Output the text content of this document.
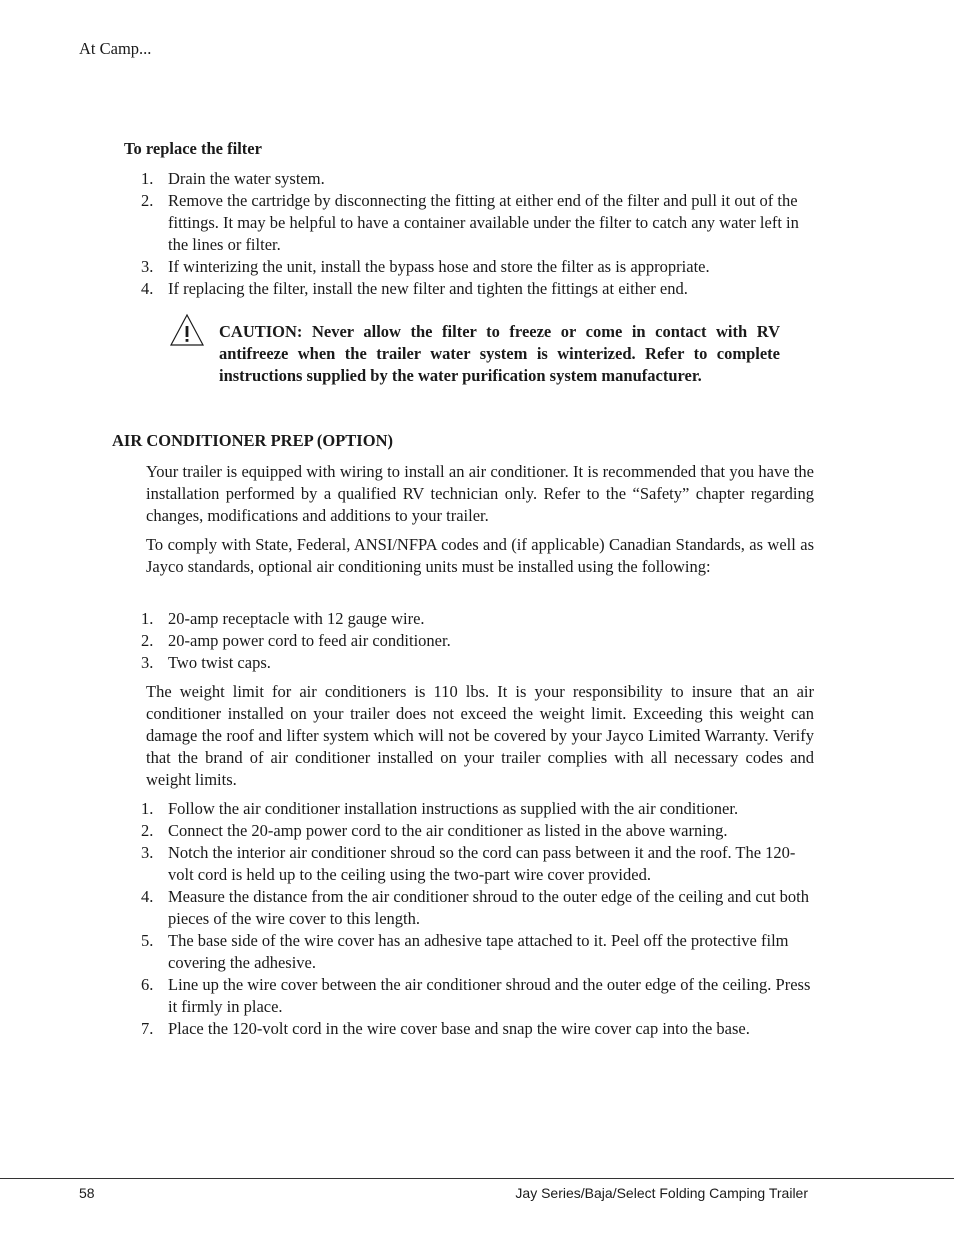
At Camp...
To replace the filter
1. Drain the water system.
2. Remove the cartridge by disconnecting the fitting at either end of the filter and pull it out of the fittings. It may be helpful to have a container available under the filter to catch any water left in the lines or filter.
3. If winterizing the unit, install the bypass hose and store the filter as is appropriate.
4. If replacing the filter, install the new filter and tighten the fittings at either end.
CAUTION: Never allow the filter to freeze or come in contact with RV antifreeze when the trailer water system is winterized. Refer to complete instructions supplied by the water purification system manufacturer.
AIR CONDITIONER PREP (OPTION)
Your trailer is equipped with wiring to install an air conditioner. It is recommended that you have the installation performed by a qualified RV technician only. Refer to the “Safety” chapter regarding changes, modifications and additions to your trailer.
To comply with State, Federal, ANSI/NFPA codes and (if applicable) Canadian Standards, as well as Jayco standards, optional air conditioning units must be installed using the following:
1. 20-amp receptacle with 12 gauge wire.
2. 20-amp power cord to feed air conditioner.
3. Two twist caps.
The weight limit for air conditioners is 110 lbs. It is your responsibility to insure that an air conditioner installed on your trailer does not exceed the weight limit. Exceeding this weight can damage the roof and lifter system which will not be covered by your Jayco Limited Warranty. Verify that the brand of air conditioner installed on your trailer complies with all necessary codes and weight limits.
1. Follow the air conditioner installation instructions as supplied with the air conditioner.
2. Connect the 20-amp power cord to the air conditioner as listed in the above warning.
3. Notch the interior air conditioner shroud so the cord can pass between it and the roof. The 120-volt cord is held up to the ceiling using the two-part wire cover provided.
4. Measure the distance from the air conditioner shroud to the outer edge of the ceiling and cut both pieces of the wire cover to this length.
5. The base side of the wire cover has an adhesive tape attached to it. Peel off the protective film covering the adhesive.
6. Line up the wire cover between the air conditioner shroud and the outer edge of the ceiling. Press it firmly in place.
7. Place the 120-volt cord in the wire cover base and snap the wire cover cap into the base.
58	Jay Series/Baja/Select Folding Camping Trailer
